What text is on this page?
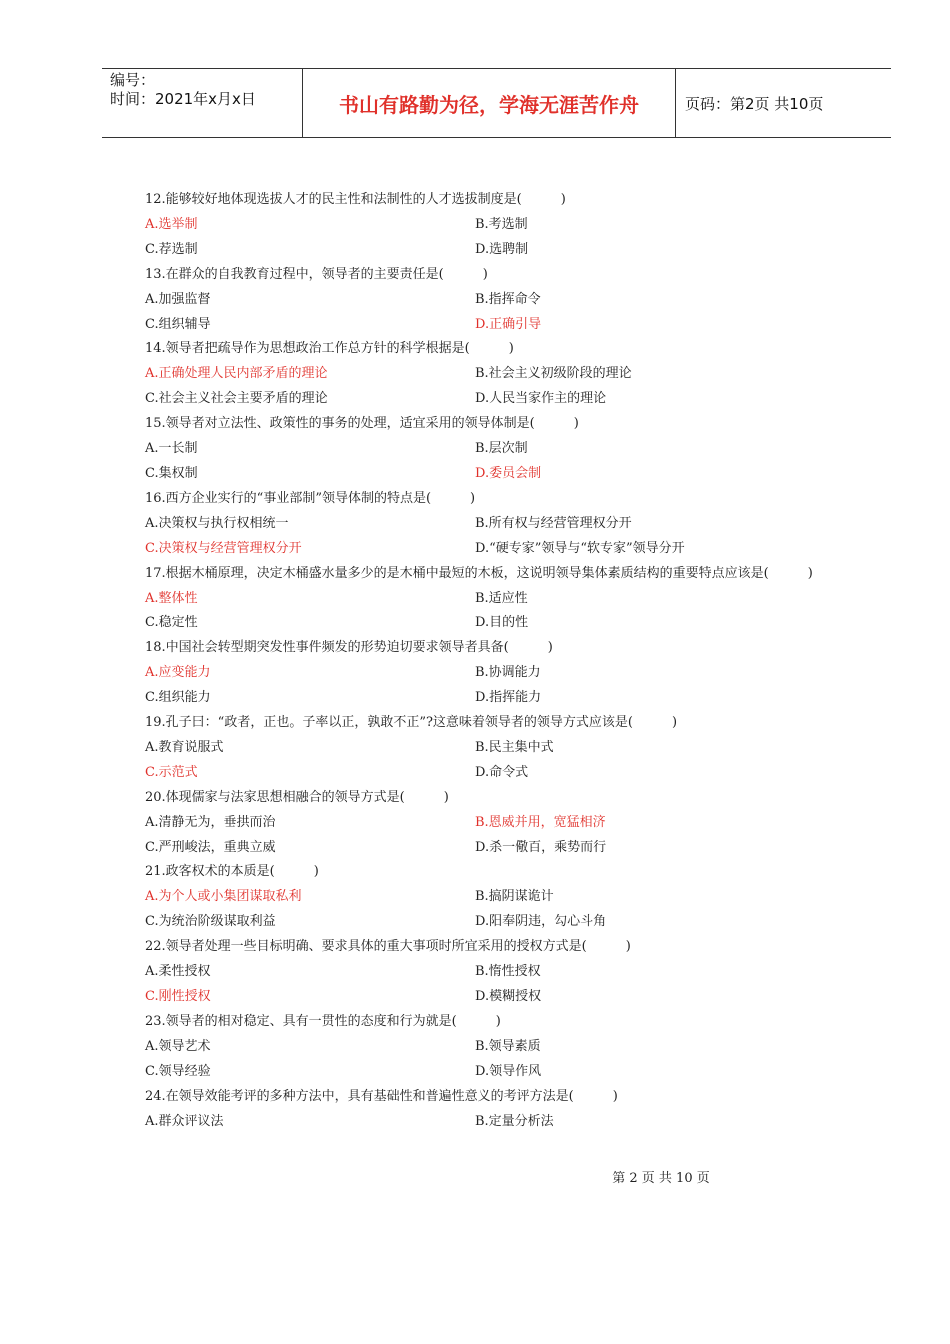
编号：
时间：2021年x月x日	书山有路勤为径，学海无涯苦作舟	页码：第2页 共10页
12.能够较好地体现选拔人才的民主性和法制性的人才选拔制度是(　　　)
A.选举制	B.考选制
C.荐选制	D.选聘制
13.在群众的自我教育过程中，领导者的主要责任是(　　　)
A.加强监督	B.指挥命令
C.组织辅导	D.正确引导
14.领导者把疏导作为思想政治工作总方针的科学根据是(　　　)
A.正确处理人民内部矛盾的理论	B.社会主义初级阶段的理论
C.社会主义社会主要矛盾的理论	D.人民当家作主的理论
15.领导者对立法性、政策性的事务的处理，适宜采用的领导体制是(　　　)
A.一长制	B.层次制
C.集权制	D.委员会制
16.西方企业实行的“事业部制”领导体制的特点是(　　　)
A.决策权与执行权相统一	B.所有权与经营管理权分开
C.决策权与经营管理权分开	D.“硬专家”领导与“软专家”领导分开
17.根据木桶原理，决定木桶盛水量多少的是木桶中最短的木板，这说明领导集体素质结构的重要特点应该是(　　　)
A.整体性	B.适应性
C.稳定性	D.目的性
18.中国社会转型期突发性事件频发的形势迫切要求领导者具备(　　　)
A.应变能力	B.协调能力
C.组织能力	D.指挥能力
19.孔子曰：“政者，正也。子率以正，孰敢不正”?这意味着领导者的领导方式应该是(　　　)
A.教育说服式	B.民主集中式
C.示范式	D.命令式
20.体现儒家与法家思想相融合的领导方式是(　　　)
A.清静无为，垂拱而治	B.恩威并用，宽猛相济
C.严刑峻法，重典立威	D.杀一儆百，乘势而行
21.政客权术的本质是(　　　)
A.为个人或小集团谋取私利	B.搞阴谋诡计
C.为统治阶级谋取利益	D.阳奉阴违，勾心斗角
22.领导者处理一些目标明确、要求具体的重大事项时所宜采用的授权方式是(　　　)
A.柔性授权	B.惰性授权
C.刚性授权	D.模糊授权
23.领导者的相对稳定、具有一贯性的态度和行为就是(　　　)
A.领导艺术	B.领导素质
C.领导经验	D.领导作风
24.在领导效能考评的多种方法中，具有基础性和普遍性意义的考评方法是(　　　)
A.群众评议法	B.定量分析法
第 2 页 共 10 页
